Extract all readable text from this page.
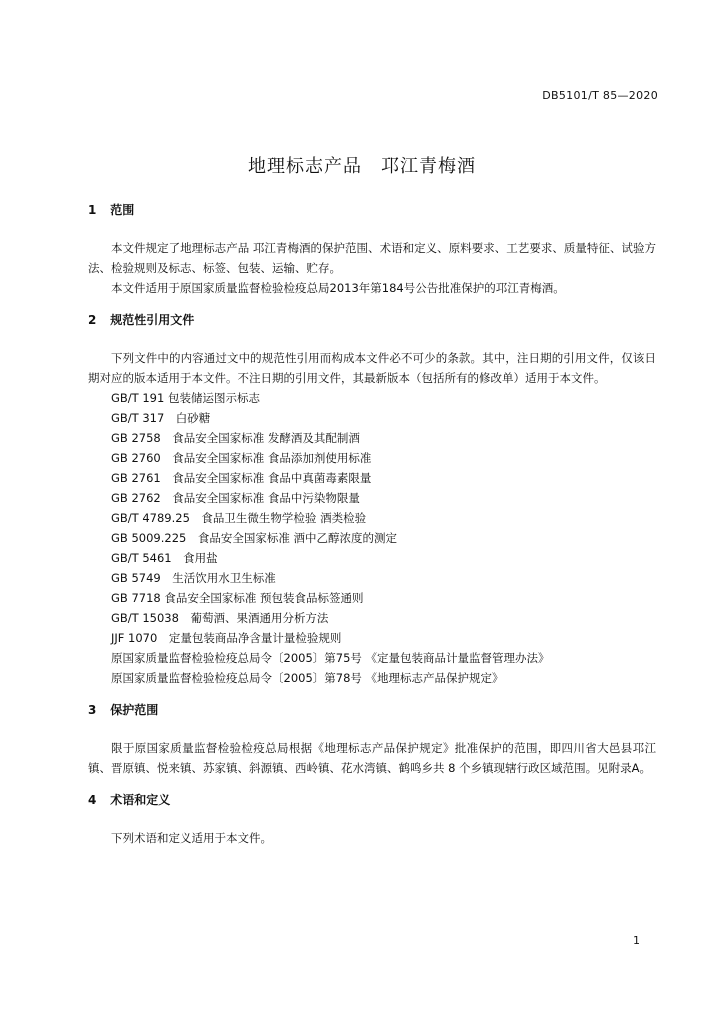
DB5101/T 85—2020
地理标志产品　邛江青梅酒
1 范围

本文件规定了地理标志产品 邛江青梅酒的保护范围、术语和定义、原料要求、工艺要求、质量特征、试验方法、检验规则及标志、标签、包装、运输、贮存。

本文件适用于原国家质量监督检验检疫总局2013年第184号公告批准保护的邛江青梅酒。

2 规范性引用文件

下列文件中的内容通过文中的规范性引用而构成本文件必不可少的条款。其中，注日期的引用文件，仅该日期对应的版本适用于本文件。不注日期的引用文件，其最新版本（包括所有的修改单）适用于本文件。

GB/T 191 包装储运图示标志
GB/T 317　白砂糖
GB 2758　食品安全国家标准 发酵酒及其配制酒
GB 2760　食品安全国家标准 食品添加剂使用标准
GB 2761　食品安全国家标准 食品中真菌毒素限量
GB 2762　食品安全国家标准 食品中污染物限量
GB/T 4789.25　食品卫生微生物学检验 酒类检验
GB 5009.225　食品安全国家标准 酒中乙醇浓度的测定
GB/T 5461　食用盐
GB 5749　生活饮用水卫生标准
GB 7718 食品安全国家标准 预包装食品标签通则
GB/T 15038　葡萄酒、果酒通用分析方法
JJF 1070　定量包装商品净含量计量检验规则
原国家质量监督检验检疫总局令〔2005〕第75号 《定量包装商品计量监督管理办法》
原国家质量监督检验检疫总局令〔2005〕第78号 《地理标志产品保护规定》
3 保护范围

限于原国家质量监督检验检疫总局根据《地理标志产品保护规定》批准保护的范围，即四川省大邑县邛江镇、晋原镇、悦来镇、苏家镇、斜源镇、西岭镇、花水湾镇、鹤鸣乡共 8 个乡镇现辖行政区域范围。见附录A。

4 术语和定义

下列术语和定义适用于本文件。

1
